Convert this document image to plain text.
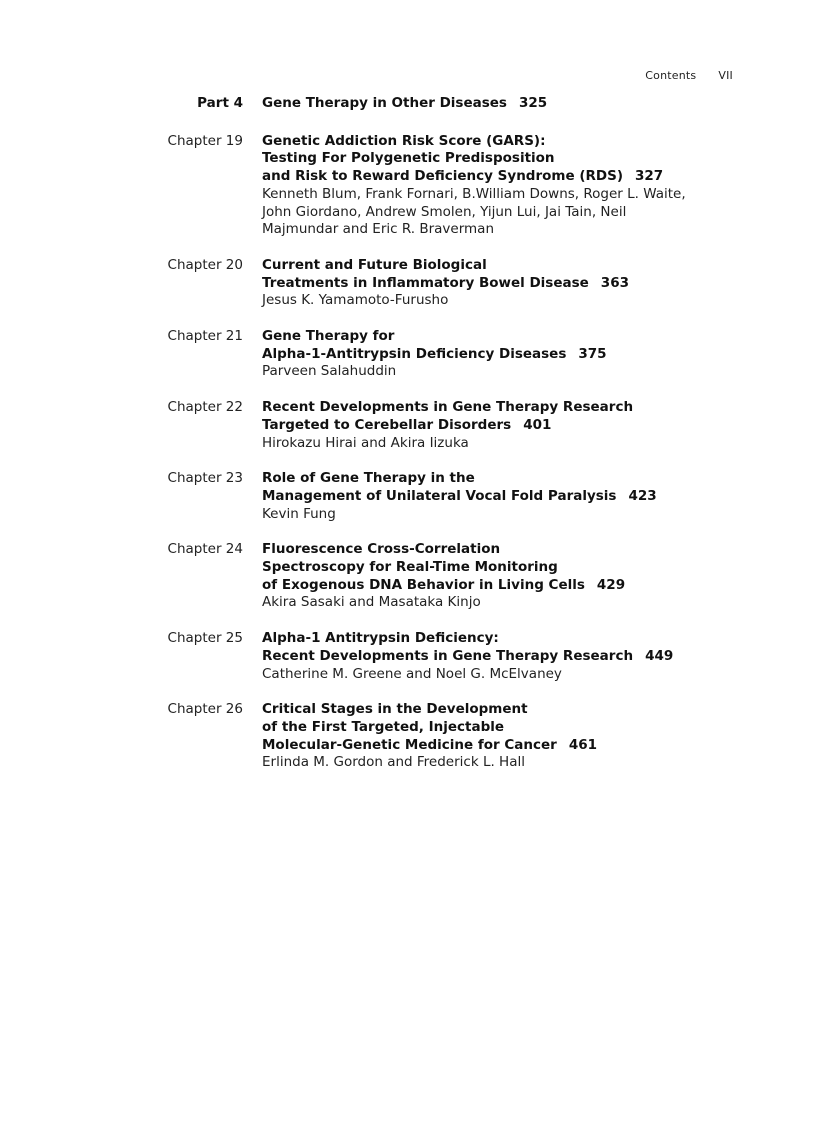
Contents VII
Part 4 Gene Therapy in Other Diseases 325
Chapter 19 Genetic Addiction Risk Score (GARS):
Testing For Polygenetic Predisposition
and Risk to Reward Deficiency Syndrome (RDS) 327
Kenneth Blum, Frank Fornari, B.William Downs, Roger L. Waite,
John Giordano, Andrew Smolen, Yijun Lui, Jai Tain, Neil
Majmundar and Eric R. Braverman
Chapter 20 Current and Future Biological
Treatments in Inflammatory Bowel Disease 363
Jesus K. Yamamoto-Furusho
Chapter 21 Gene Therapy for
Alpha-1-Antitrypsin Deficiency Diseases 375
Parveen Salahuddin
Chapter 22 Recent Developments in Gene Therapy Research
Targeted to Cerebellar Disorders 401
Hirokazu Hirai and Akira Iizuka
Chapter 23 Role of Gene Therapy in the
Management of Unilateral Vocal Fold Paralysis 423
Kevin Fung
Chapter 24 Fluorescence Cross-Correlation
Spectroscopy for Real-Time Monitoring
of Exogenous DNA Behavior in Living Cells 429
Akira Sasaki and Masataka Kinjo
Chapter 25 Alpha-1 Antitrypsin Deficiency:
Recent Developments in Gene Therapy Research 449
Catherine M. Greene and Noel G. McElvaney
Chapter 26 Critical Stages in the Development
of the First Targeted, Injectable
Molecular-Genetic Medicine for Cancer 461
Erlinda M. Gordon and Frederick L. Hall
